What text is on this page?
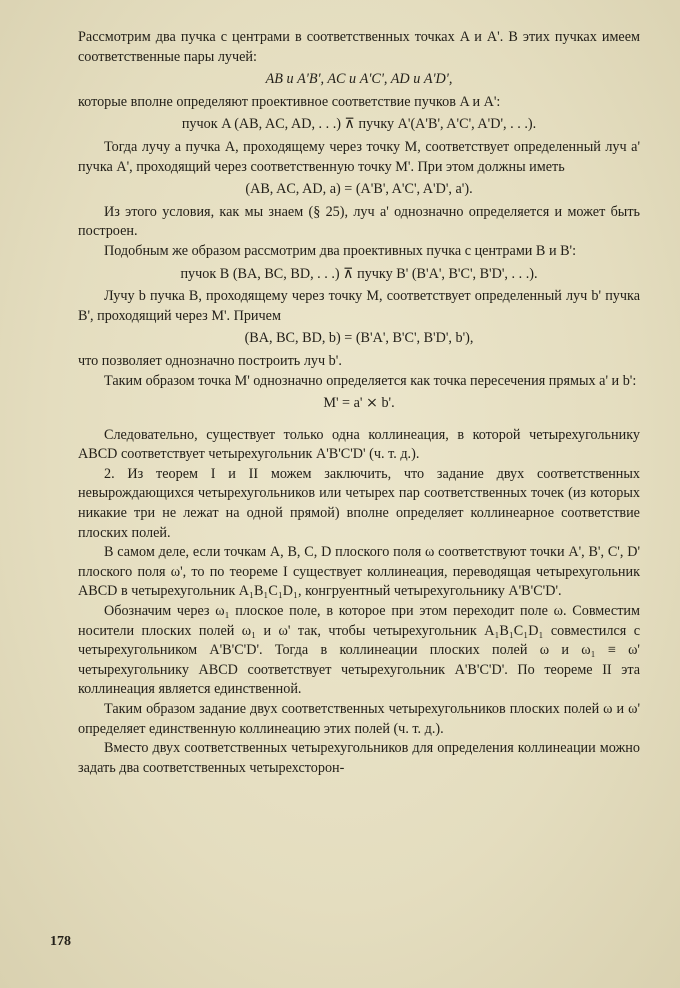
Рассмотрим два пучка с центрами в соответственных точках A и A'. В этих пучках имеем соответственные пары лучей:

AB и A'B', AC и A'C', AD и A'D',

которые вполне определяют проективное соответствие пучков A и A':

пучок A (AB, AC, AD, . . .) ⊼ пучку A'(A'B', A'C', A'D', . . .).

Тогда лучу a пучка A, проходящему через точку M, соответствует определенный луч a' пучка A', проходящий через соответственную точку M'. При этом должны иметь

(AB, AC, AD, a) = (A'B', A'C', A'D', a').

Из этого условия, как мы знаем (§ 25), луч a' однозначно определяется и может быть построен.

Подобным же образом рассмотрим два проективных пучка с центрами B и B':

пучок B (BA, BC, BD, . . .) ⊼ пучку B' (B'A', B'C', B'D', . . .).

Лучу b пучка B, проходящему через точку M, соответствует определенный луч b' пучка B', проходящий через M'. Причем

(BA, BC, BD, b) = (B'A', B'C', B'D', b'),

что позволяет однозначно построить луч b'.

Таким образом точка M' однозначно определяется как точка пересечения прямых a' и b':

M' = a' ⨯ b'.

Следовательно, существует только одна коллинеация, в которой четырехугольнику ABCD соответствует четырехугольник A'B'C'D' (ч. т. д.).

2. Из теорем I и II можем заключить, что задание двух соответственных невырождающихся четырехугольников или четырех пар соответственных точек (из которых никакие три не лежат на одной прямой) вполне определяет коллинеарное соответствие плоских полей.

В самом деле, если точкам A, B, C, D плоского поля ω соответствуют точки A', B', C', D' плоского поля ω', то по теореме I существует коллинеация, переводящая четырехугольник ABCD в четырехугольник A₁B₁C₁D₁, конгруентный четырехугольнику A'B'C'D'.

Обозначим через ω₁ плоское поле, в которое при этом переходит поле ω. Совместим носители плоских полей ω₁ и ω' так, чтобы четырехугольник A₁B₁C₁D₁ совместился с четырехугольником A'B'C'D'. Тогда в коллинеации плоских полей ω и ω₁ ≡ ω' четырехугольнику ABCD соответствует четырехугольник A'B'C'D'. По теореме II эта коллинеация является единственной.

Таким образом задание двух соответственных четырехугольников плоских полей ω и ω' определяет единственную коллинеацию этих полей (ч. т. д.).

Вместо двух соответственных четырехугольников для определения коллинеации можно задать два соответственных четырехсторон-

178
